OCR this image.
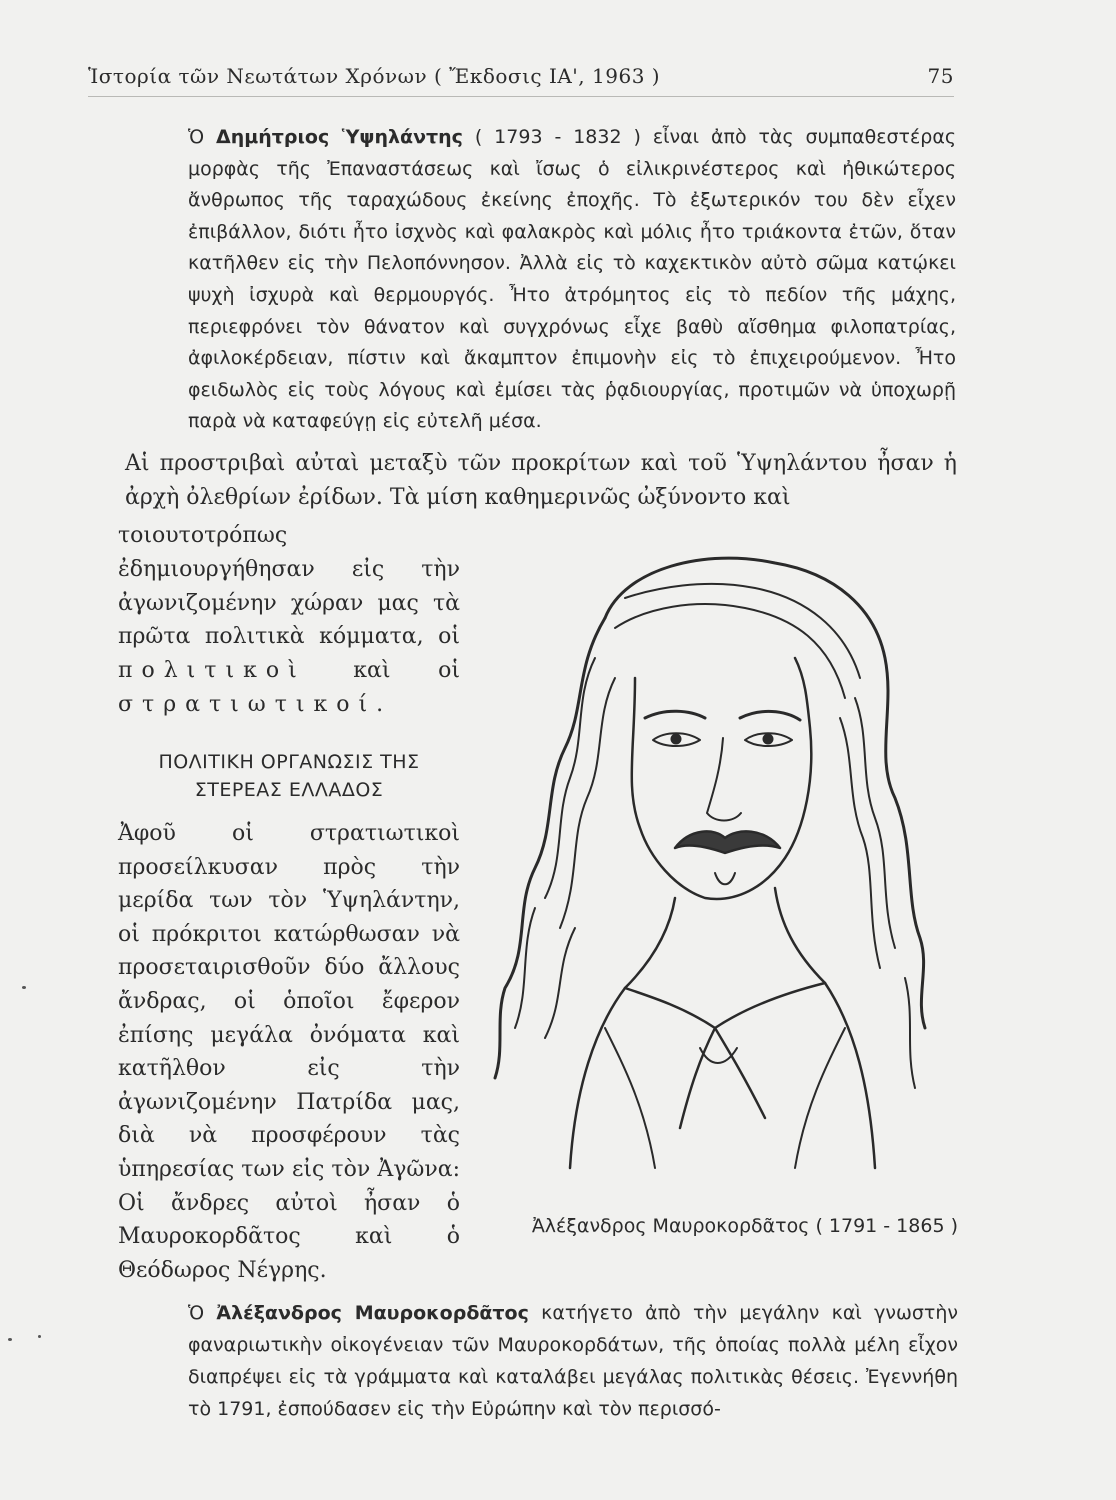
Ἱστορία τῶν Νεωτάτων Χρόνων ( Ἔκδοσις ΙΑ', 1963 )	75
Ὁ Δημήτριος Ὑψηλάντης ( 1793 - 1832 ) εἶναι ἀπὸ τὰς συμπαθεστέρας μορφὰς τῆς Ἐπαναστάσεως καὶ ἴσως ὁ εἰλικρινέστερος καὶ ἠθικώτερος ἄνθρωπος τῆς ταραχώδους ἐκείνης ἐποχῆς. Τὸ ἐξωτερικόν του δὲν εἶχεν ἐπιβάλλον, διότι ἦτο ἰσχνὸς καὶ φαλακρὸς καὶ μόλις ἦτο τριάκοντα ἐτῶν, ὅταν κατῆλθεν εἰς τὴν Πελοπόννησον. Ἀλλὰ εἰς τὸ καχεκτικὸν αὐτὸ σῶμα κατῴκει ψυχὴ ἰσχυρὰ καὶ θερμουργός. Ἦτο ἀτρόμητος εἰς τὸ πεδίον τῆς μάχης, περιεφρόνει τὸν θάνατον καὶ συγχρόνως εἶχε βαθὺ αἴσθημα φιλοπατρίας, ἀφιλοκέρδειαν, πίστιν καὶ ἄκαμπτον ἐπιμονὴν εἰς τὸ ἐπιχειρούμενον. Ἦτο φειδωλὸς εἰς τοὺς λόγους καὶ ἐμίσει τὰς ῥᾳδιουργίας, προτιμῶν νὰ ὑποχωρῇ παρὰ νὰ καταφεύγῃ εἰς εὐτελῆ μέσα.
Αἱ προστριβαὶ αὐταὶ μεταξὺ τῶν προκρίτων καὶ τοῦ Ὑψηλάντου ἦσαν ἡ ἀρχὴ ὀλεθρίων ἐρίδων. Τὰ μίση καθημερινῶς ὠξύνοντο καὶ
τοιουτοτρόπως ἐδημιουργήθησαν εἰς τὴν ἀγωνιζομένην χώραν μας τὰ πρῶτα πολιτικὰ κόμματα, οἱ πολιτικοὶ καὶ οἱ στρατιωτικοί.
ΠΟΛΙΤΙΚΗ ΟΡΓΑΝΩΣΙΣ ΤΗΣ
ΣΤΕΡΕΑΣ ΕΛΛΑΔΟΣ
Ἀφοῦ οἱ στρατιωτικοὶ προσείλκυσαν πρὸς τὴν μερίδα των τὸν Ὑψηλάντην, οἱ πρόκριτοι κατώρθωσαν νὰ προσεταιρισθοῦν δύο ἄλλους ἄνδρας, οἱ ὁποῖοι ἔφερον ἐπίσης μεγάλα ὀνόματα καὶ κατῆλθον εἰς τὴν ἀγωνιζομένην Πατρίδα μας, διὰ νὰ προσφέρουν τὰς ὑπηρεσίας των εἰς τὸν Ἀγῶνα: Οἱ ἄνδρες αὐτοὶ ἦσαν ὁ Μαυροκορδᾶτος καὶ ὁ Θεόδωρος Νέγρης.
Ἀλέξανδρος Μαυροκορδᾶτος ( 1791 - 1865 )
Ὁ Ἀλέξανδρος Μαυροκορδᾶτος κατήγετο ἀπὸ τὴν μεγάλην καὶ γνωστὴν φαναριωτικὴν οἰκογένειαν τῶν Μαυροκορδάτων, τῆς ὁποίας πολλὰ μέλη εἶχον διαπρέψει εἰς τὰ γράμματα καὶ καταλάβει μεγάλας πολιτικὰς θέσεις. Ἐγεννήθη τὸ 1791, ἐσπούδασεν εἰς τὴν Εὐρώπην καὶ τὸν περισσό-
